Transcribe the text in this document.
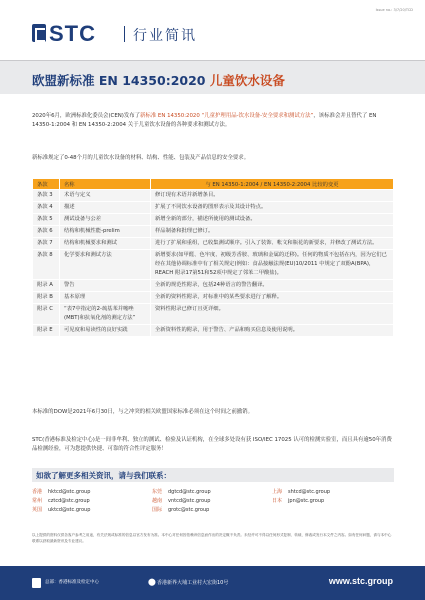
Issue no.: 3/7/20/TCD
STC	行业简讯
欧盟新标准 EN 14350:2020 儿童饮水设备
2020年6月，欧洲标准化委员会(CEN)发布了新标准 EN 14350:2020 “儿童护理用品-饮水设备-安全要求和测试方法”，该标准会并且替代了 EN 14350-1:2004 和 EN 14350-2:2004 关于儿童饮水设备的各种要求和测试方法。
新标准规定了0-48个月的儿童饮水设备的材料、结构、性能、包装及产品信息的安全要求。
条款	名称	与 EN 14350-1:2004 / EN 14350-2:2004 比较的变更
条款 3	术语与定义	修订现有术语并新增条目。
条款 4	描述	扩展了不同饮水设备的图形表示及其设计特点。
条款 5	测试设备与公差	新增全新的部分，描述所使用的测试设备。
条款 6	结构和机械性能-prelim	样品制备和批理已修订。
条款 7	结构和机械要求和测试	进行了扩展和重组，已收集测试顺序。引入了装饰、帐文和瓶花的新要求，并修改了测试方法。
条款 8	化学要求和测试方法	新增要求(如甲醛、色牢度、初级芳香胺、玻璃和金属的迁移)。任何的物质不包括在内，因为它们已经在其他协调标准中有了相关规定(例如：食品接触法规(EU)10/2011 中规定了双酚A(BPA)，REACH 附录17第51和52项中规定了邻苯二甲酸盐)。
附录 A	警告	全新的规范性附录，包括24种语言的警告翻译。
附录 B	基本原理	全新的资料性附录，对标准中的某些要求进行了解释。
附录 C	“表7中指定的2-巯基苯并噻唑(MBT)和抗氧化剂的测定方法”	资料性附录已修订且更详细。
附录 E	可见度和易读性的良好实践	全新资料性的附录，用于警告、产品和购买信息及使用说明。
本标准的DOW是2021年6月30日，与之冲突的相关欧盟国家标准必须在这个时间之前撤销。
STC(香港标准及检定中心)是一间非牟利、独立的测试、检验及认证机构，在全球多处设有获 ISO/IEC 17025 认可的检测实验室，而且具有逾50年消费品检测经验，可为您提供快捷、可靠的符合性评定服务！
如欲了解更多相关资讯，请与我们联系：
香港 hktcd@stc.group	东莞 dgtcd@stc.group	上海 shtcd@stc.group
常州 cztcd@stc.group	越南 vntcd@stc.group	日本 jpn@stc.group
英国 uktcd@stc.group	国际 grotc@stc.group
以上提供的资料仅供各客户参考之用途，有关法规或标准的信息以官方发布为准。本中心对任何因依赖该信息而作出的决定概不负责。未经许可不得以任何形式复制、转载、修改或发行本文件之内容。如有任何问题，请与本中心联系以获取最新资讯及专业建议。
总部：香港标准及检定中心	⬤ 香港新界大埔工业村大宏街10号	www.stc.group
